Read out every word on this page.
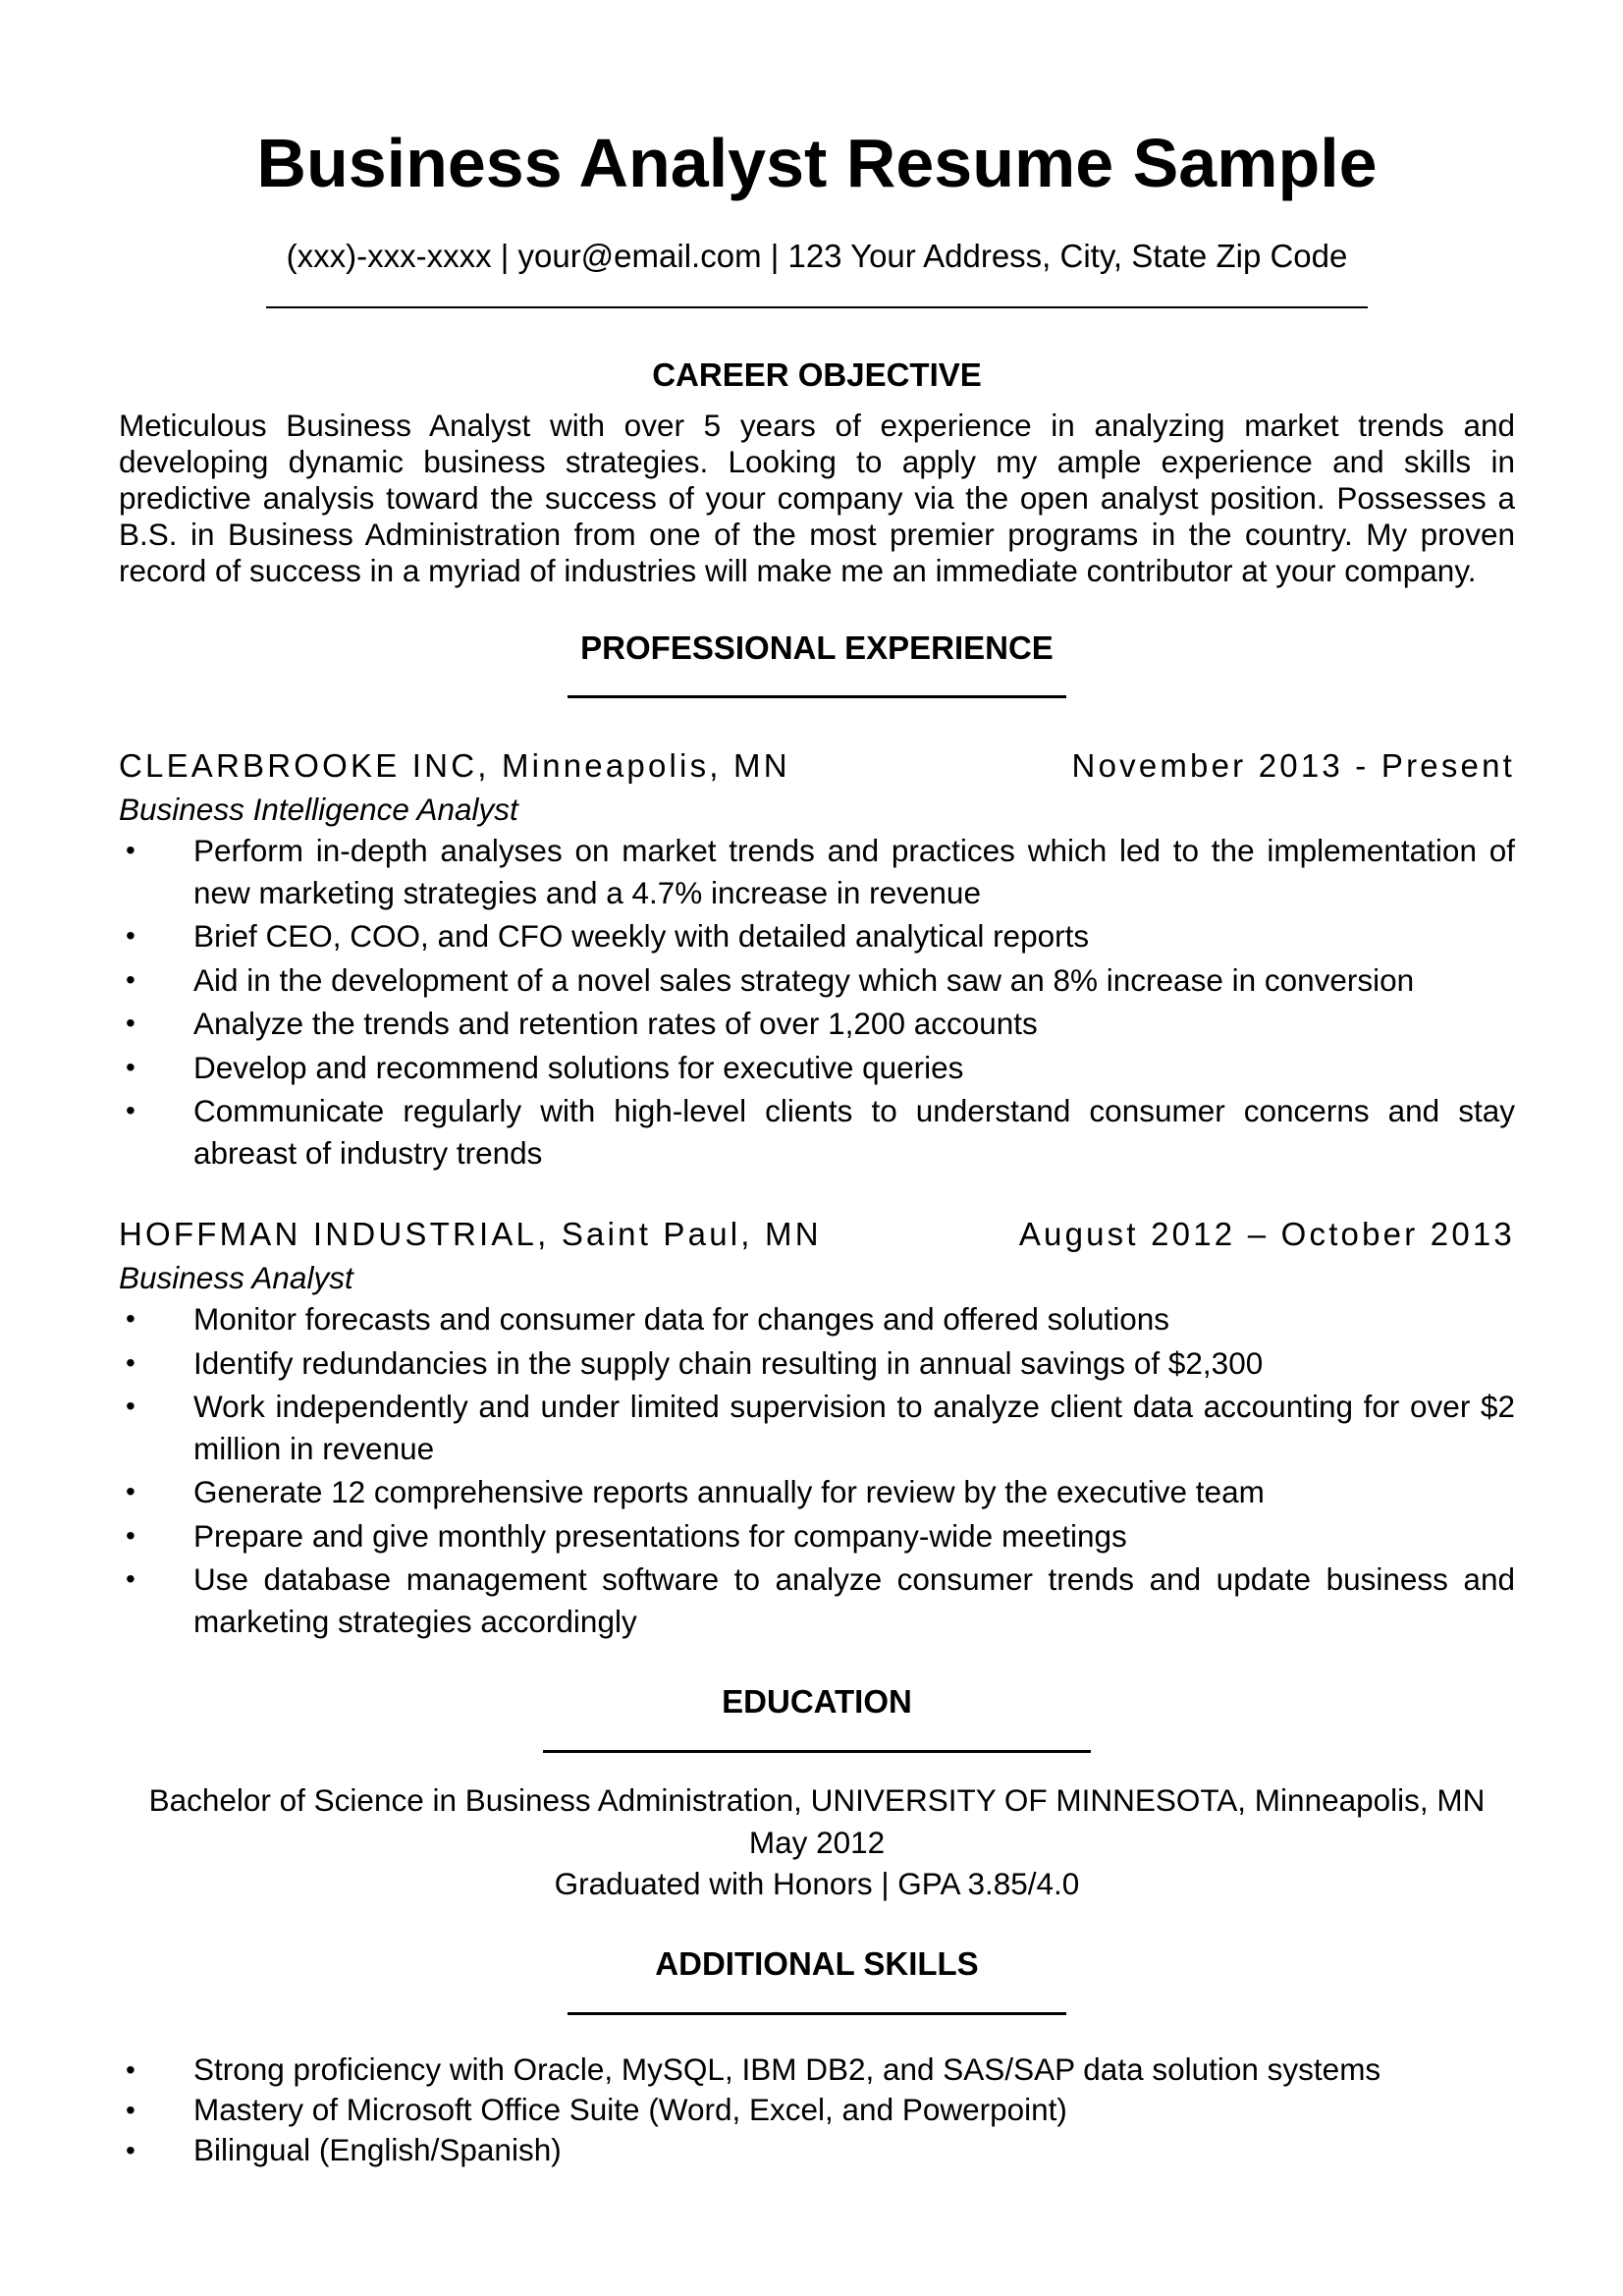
Business Analyst Resume Sample
(xxx)-xxx-xxxx | your@email.com | 123 Your Address, City, State Zip Code
CAREER OBJECTIVE

Meticulous Business Analyst with over 5 years of experience in analyzing market trends and developing dynamic business strategies. Looking to apply my ample experience and skills in predictive analysis toward the success of your company via the open analyst position. Possesses a B.S. in Business Administration from one of the most premier programs in the country. My proven record of success in a myriad of industries will make me an immediate contributor at your company.

PROFESSIONAL EXPERIENCE
CLEARBROOKE INC, Minneapolis, MN	November 2013 - Present
Business Intelligence Analyst
• Perform in-depth analyses on market trends and practices which led to the implementation of new marketing strategies and a 4.7% increase in revenue
• Brief CEO, COO, and CFO weekly with detailed analytical reports
• Aid in the development of a novel sales strategy which saw an 8% increase in conversion
• Analyze the trends and retention rates of over 1,200 accounts
• Develop and recommend solutions for executive queries
• Communicate regularly with high-level clients to understand consumer concerns and stay abreast of industry trends
HOFFMAN INDUSTRIAL, Saint Paul, MN	August 2012 – October 2013
Business Analyst
• Monitor forecasts and consumer data for changes and offered solutions
• Identify redundancies in the supply chain resulting in annual savings of $2,300
• Work independently and under limited supervision to analyze client data accounting for over $2 million in revenue
• Generate 12 comprehensive reports annually for review by the executive team
• Prepare and give monthly presentations for company-wide meetings
• Use database management software to analyze consumer trends and update business and marketing strategies accordingly
EDUCATION
Bachelor of Science in Business Administration, UNIVERSITY OF MINNESOTA, Minneapolis, MN
May 2012
Graduated with Honors | GPA 3.85/4.0
ADDITIONAL SKILLS
• Strong proficiency with Oracle, MySQL, IBM DB2, and SAS/SAP data solution systems
• Mastery of Microsoft Office Suite (Word, Excel, and Powerpoint)
• Bilingual (English/Spanish)
